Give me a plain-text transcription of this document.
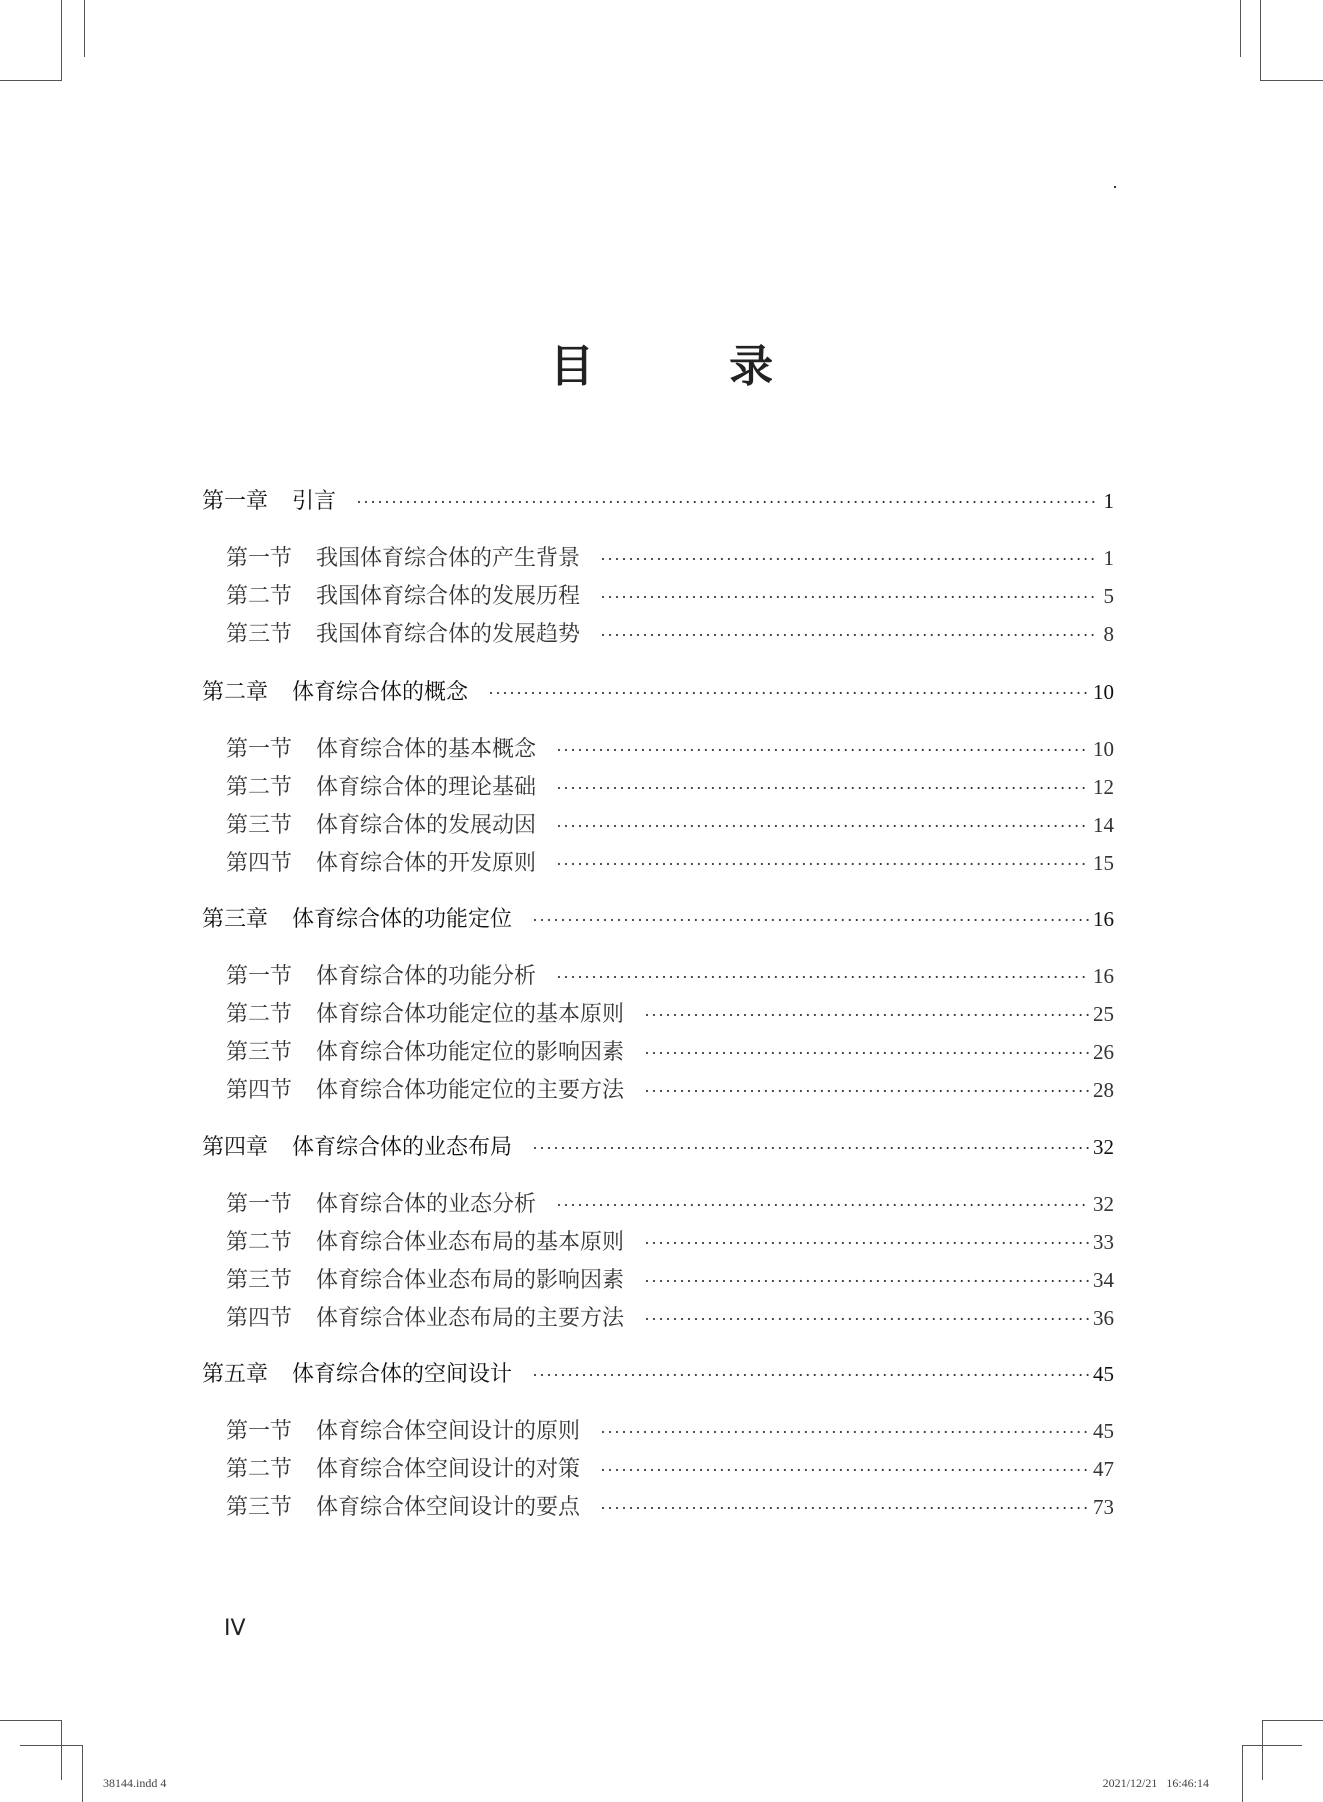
目 录
第一章 引言 ·····	1
第一节 我国体育综合体的产生背景 ·····	1
第二节 我国体育综合体的发展历程 ·····	5
第三节 我国体育综合体的发展趋势 ·····	8
第二章 体育综合体的概念 ·····	10
第一节 体育综合体的基本概念 ·····	10
第二节 体育综合体的理论基础 ·····	12
第三节 体育综合体的发展动因 ·····	14
第四节 体育综合体的开发原则 ·····	15
第三章 体育综合体的功能定位 ·····	16
第一节 体育综合体的功能分析 ·····	16
第二节 体育综合体功能定位的基本原则 ·····	25
第三节 体育综合体功能定位的影响因素 ·····	26
第四节 体育综合体功能定位的主要方法 ·····	28
第四章 体育综合体的业态布局 ·····	32
第一节 体育综合体的业态分析 ·····	32
第二节 体育综合体业态布局的基本原则 ·····	33
第三节 体育综合体业态布局的影响因素 ·····	34
第四节 体育综合体业态布局的主要方法 ·····	36
第五章 体育综合体的空间设计 ·····	45
第一节 体育综合体空间设计的原则 ·····	45
第二节 体育综合体空间设计的对策 ·····	47
第三节 体育综合体空间设计的要点 ·····	73
IV
38144.indd 4	2021/12/21   16:46:14
